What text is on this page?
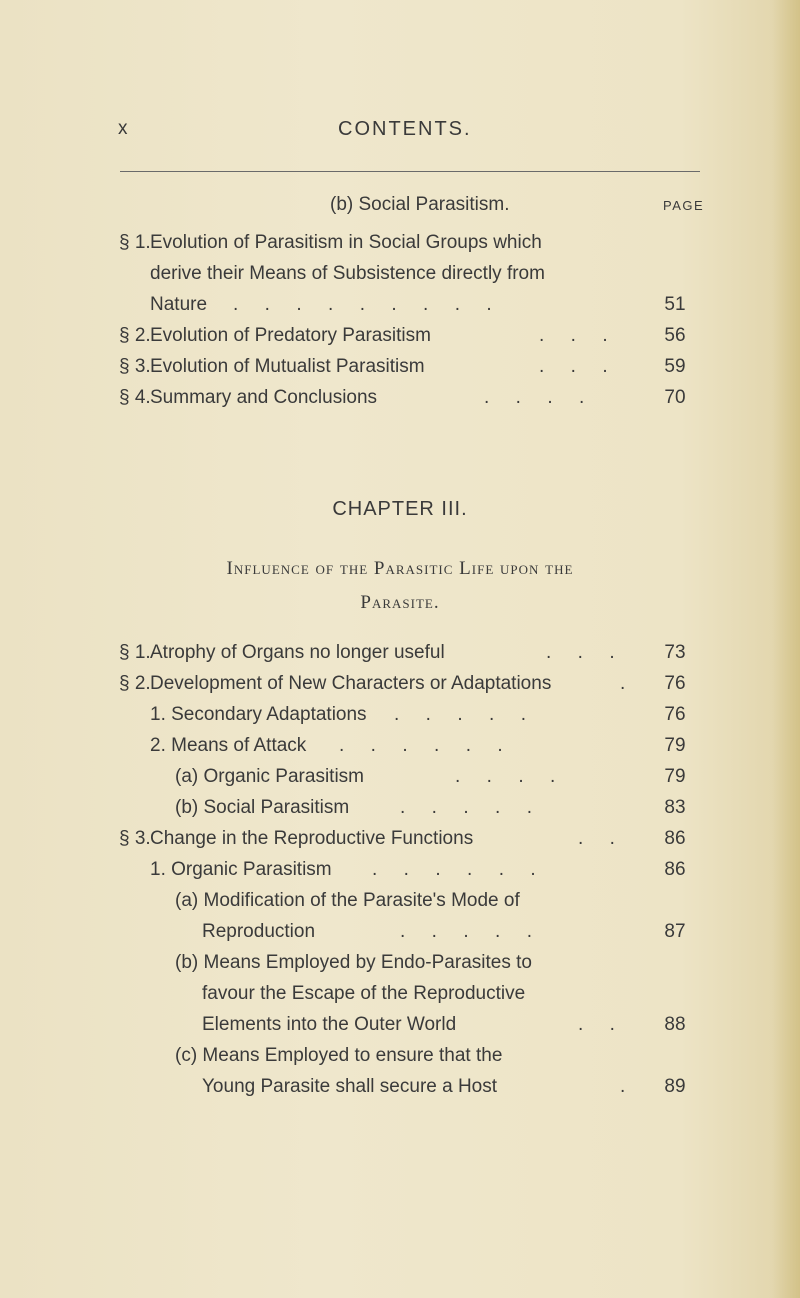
x	CONTENTS.
(b) Social Parasitism.	PAGE
§ 1. Evolution of Parasitism in Social Groups which
derive their Means of Subsistence directly from
Nature .     .     .     .     .     .     .     .     .	51
§ 2. Evolution of Predatory Parasitism	.     .     .	56
§ 3. Evolution of Mutualist Parasitism	.     .     .	59
§ 4. Summary and Conclusions	.     .     .     .	70
CHAPTER III.
Influence of the Parasitic Life upon the
Parasite.
§ 1. Atrophy of Organs no longer useful	.     .     .	73
§ 2. Development of New Characters or Adaptations	.	76
1. Secondary Adaptations .     .     .     .     .	76
2. Means of Attack .     .     .     .     .     .	79
(a) Organic Parasitism	.     .     .     .	79
(b) Social Parasitism	.     .     .     .     .	83
§ 3. Change in the Reproductive Functions	.     .	86
1. Organic Parasitism .     .     .     .     .     .	86
(a) Modification of the Parasite's Mode of
Reproduction	.     .     .     .     .	87
(b) Means Employed by Endo-Parasites to
favour the Escape of the Reproductive
Elements into the Outer World	.     .	88
(c) Means Employed to ensure that the
Young Parasite shall secure a Host	.	89
